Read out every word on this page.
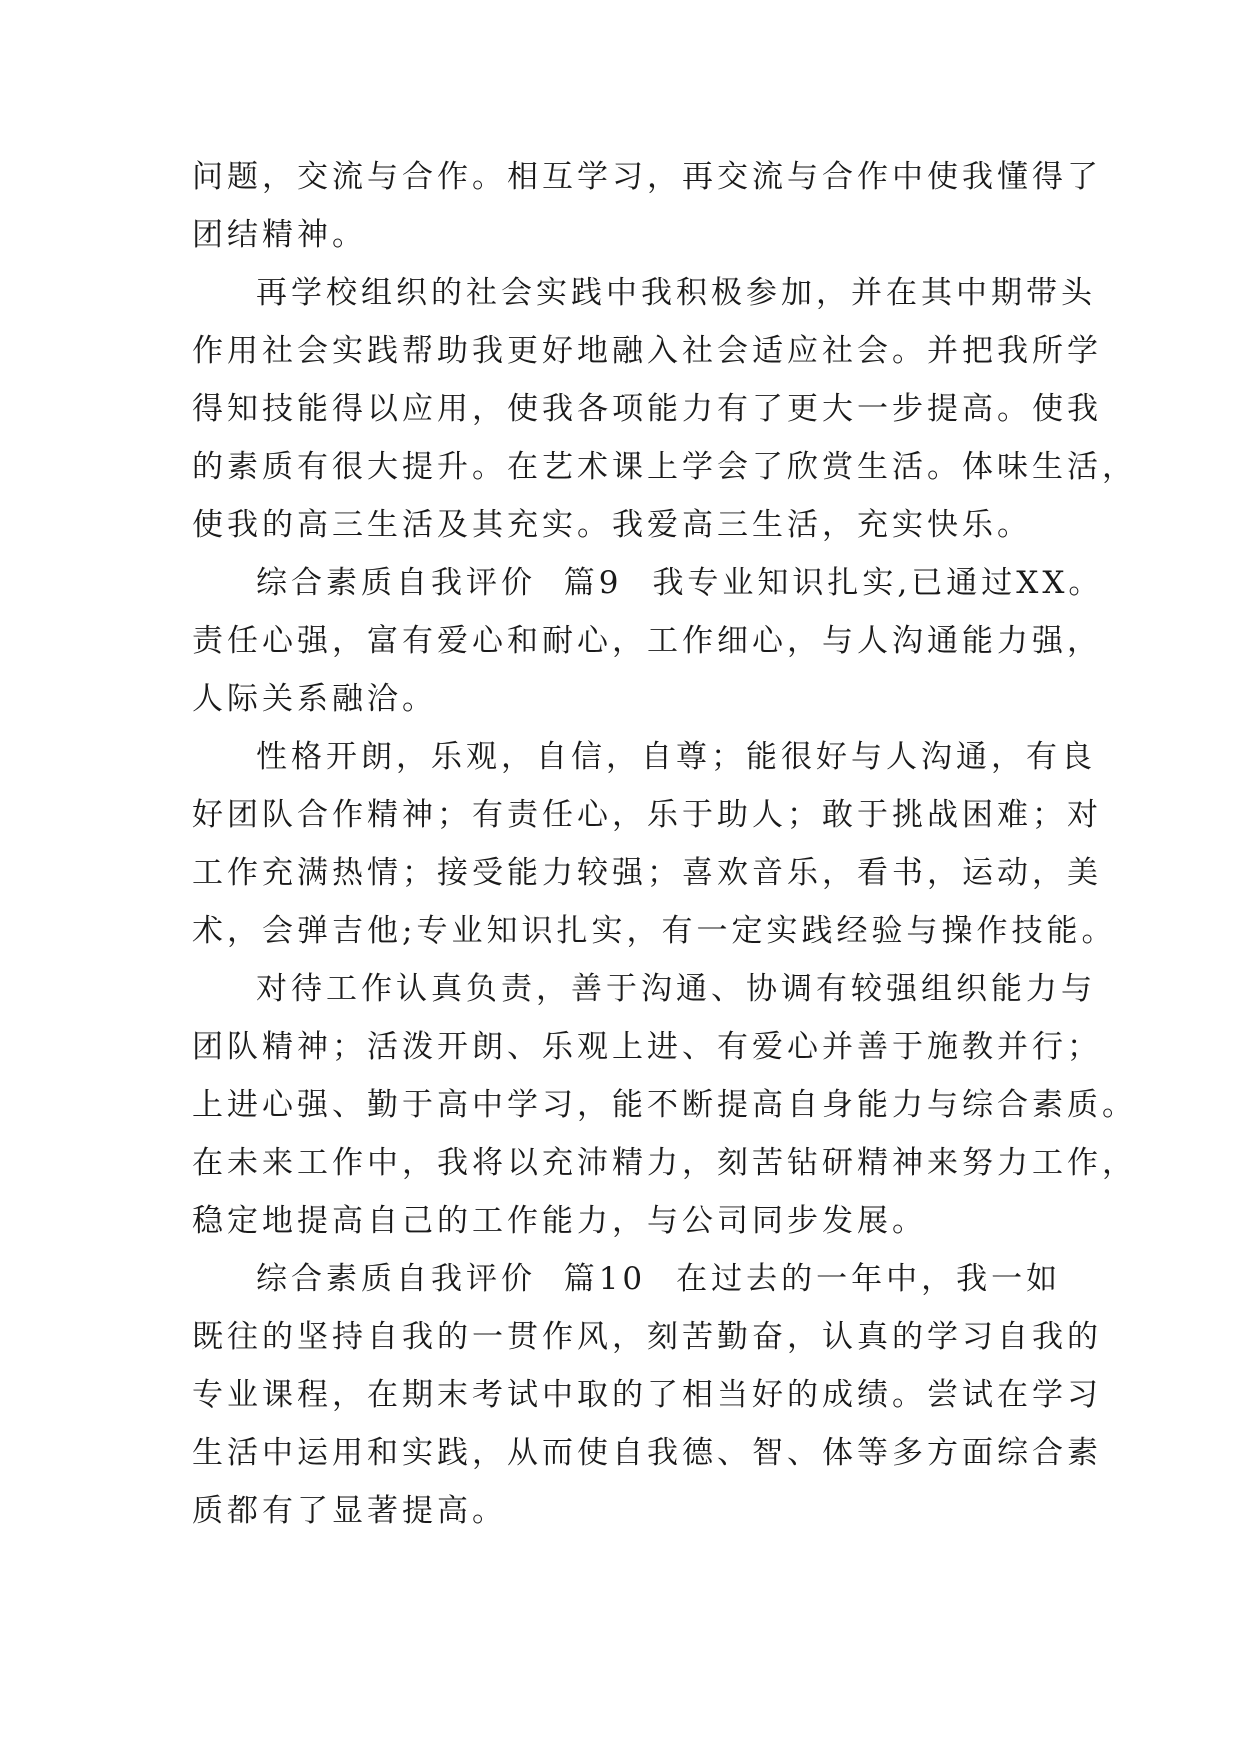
问题，交流与合作。相互学习，再交流与合作中使我懂得了
团结精神。
再学校组织的社会实践中我积极参加，并在其中期带头
作用社会实践帮助我更好地融入社会适应社会。并把我所学
得知技能得以应用，使我各项能力有了更大一步提高。使我
的素质有很大提升。在艺术课上学会了欣赏生活。体味生活，
使我的高三生活及其充实。我爱高三生活，充实快乐。
综合素质自我评价  篇9 我专业知识扎实,已通过XX。
责任心强，富有爱心和耐心，工作细心，与人沟通能力强，
人际关系融洽。
性格开朗，乐观，自信，自尊；能很好与人沟通，有良
好团队合作精神；有责任心，乐于助人；敢于挑战困难；对
工作充满热情；接受能力较强；喜欢音乐，看书，运动，美
术，会弹吉他;专业知识扎实，有一定实践经验与操作技能。
对待工作认真负责，善于沟通、协调有较强组织能力与
团队精神；活泼开朗、乐观上进、有爱心并善于施教并行；
上进心强、勤于高中学习，能不断提高自身能力与综合素质。
在未来工作中，我将以充沛精力，刻苦钻研精神来努力工作，
稳定地提高自己的工作能力，与公司同步发展。
综合素质自我评价  篇10 在过去的一年中，我一如
既往的坚持自我的一贯作风，刻苦勤奋，认真的学习自我的
专业课程，在期末考试中取的了相当好的成绩。尝试在学习
生活中运用和实践，从而使自我德、智、体等多方面综合素
质都有了显著提高。
